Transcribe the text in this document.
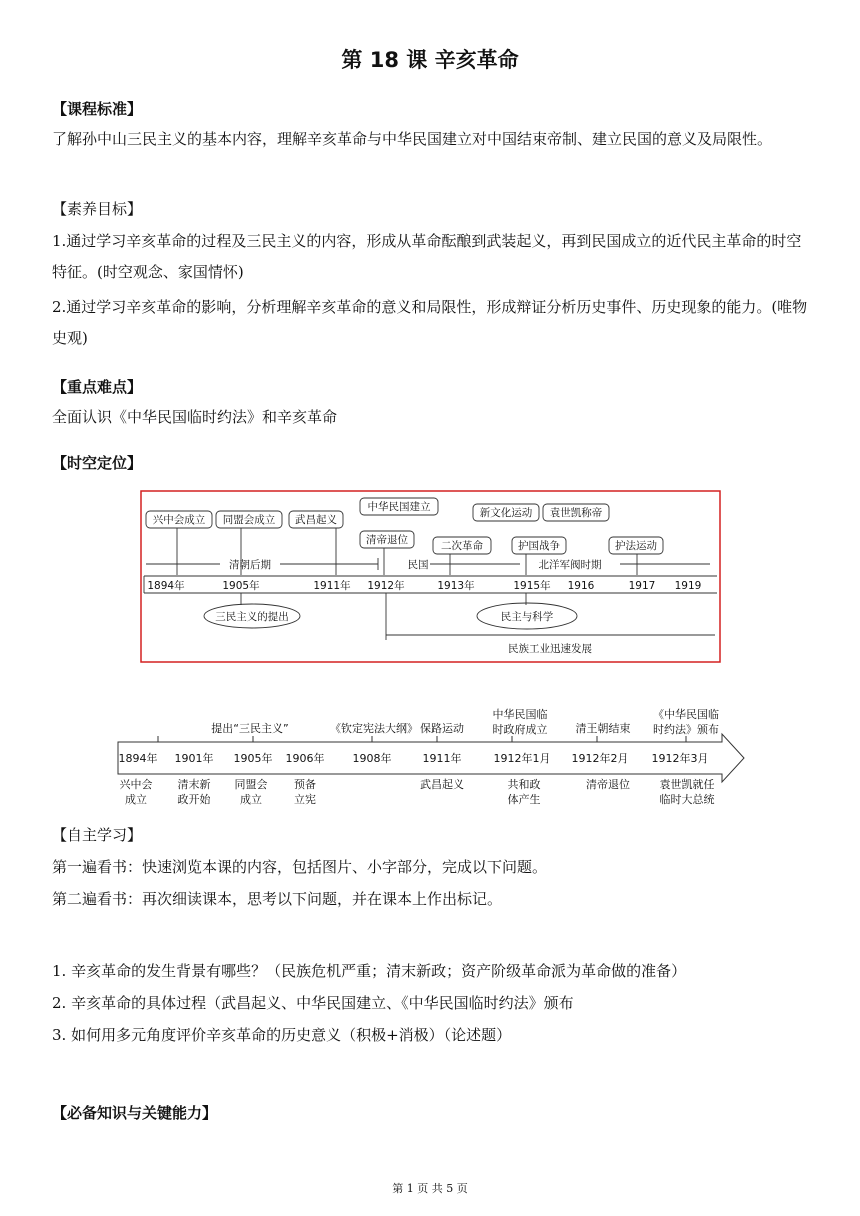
第 18 课 辛亥革命
【课程标准】
了解孙中山三民主义的基本内容，理解辛亥革命与中华民国建立对中国结束帝制、建立民国的意义及局限性。
【素养目标】
1.通过学习辛亥革命的过程及三民主义的内容，形成从革命酝酿到武装起义，再到民国成立的近代民主革命的时空特征。(时空观念、家国情怀)
2.通过学习辛亥革命的影响，分析理解辛亥革命的意义和局限性，形成辩证分析历史事件、历史现象的能力。(唯物史观)
【重点难点】
全面认识《中华民国临时约法》和辛亥革命
【时空定位】
兴中会成立 同盟会成立 武昌起义
中华民国建立
清帝退位	二次革命
新文化运动 袁世凯称帝
护国战争	护法运动
清朝后期	民国	北洋军阀时期
1894年	1905年	1911年 1912年	1913年	1915年 1916	1917 1919
三民主义的提出	民主与科学
民族工业迅速发展
提出“三民主义”	《钦定宪法大纲》 保路运动
中华民国临时政府成立	清王朝结束
《中华民国临时约法》颁布
1894年 1901年 1905年 1906年	1908年	1911年	1912年1月 1912年2月 1912年3月
兴中会成立
清末新政开始
同盟会成立
预备立宪
武昌起义	共和政体产生
清帝退位	袁世凯就任临时大总统
【自主学习】
第一遍看书：快速浏览本课的内容，包括图片、小字部分，完成以下问题。
第二遍看书：再次细读课本，思考以下问题，并在课本上作出标记。
1. 辛亥革命的发生背景有哪些？（民族危机严重；清末新政；资产阶级革命派为革命做的准备）
2. 辛亥革命的具体过程（武昌起义、中华民国建立、《中华民国临时约法》颁布
3. 如何用多元角度评价辛亥革命的历史意义（积极+消极）（论述题）
【必备知识与关键能力】
第 1 页 共 5 页
